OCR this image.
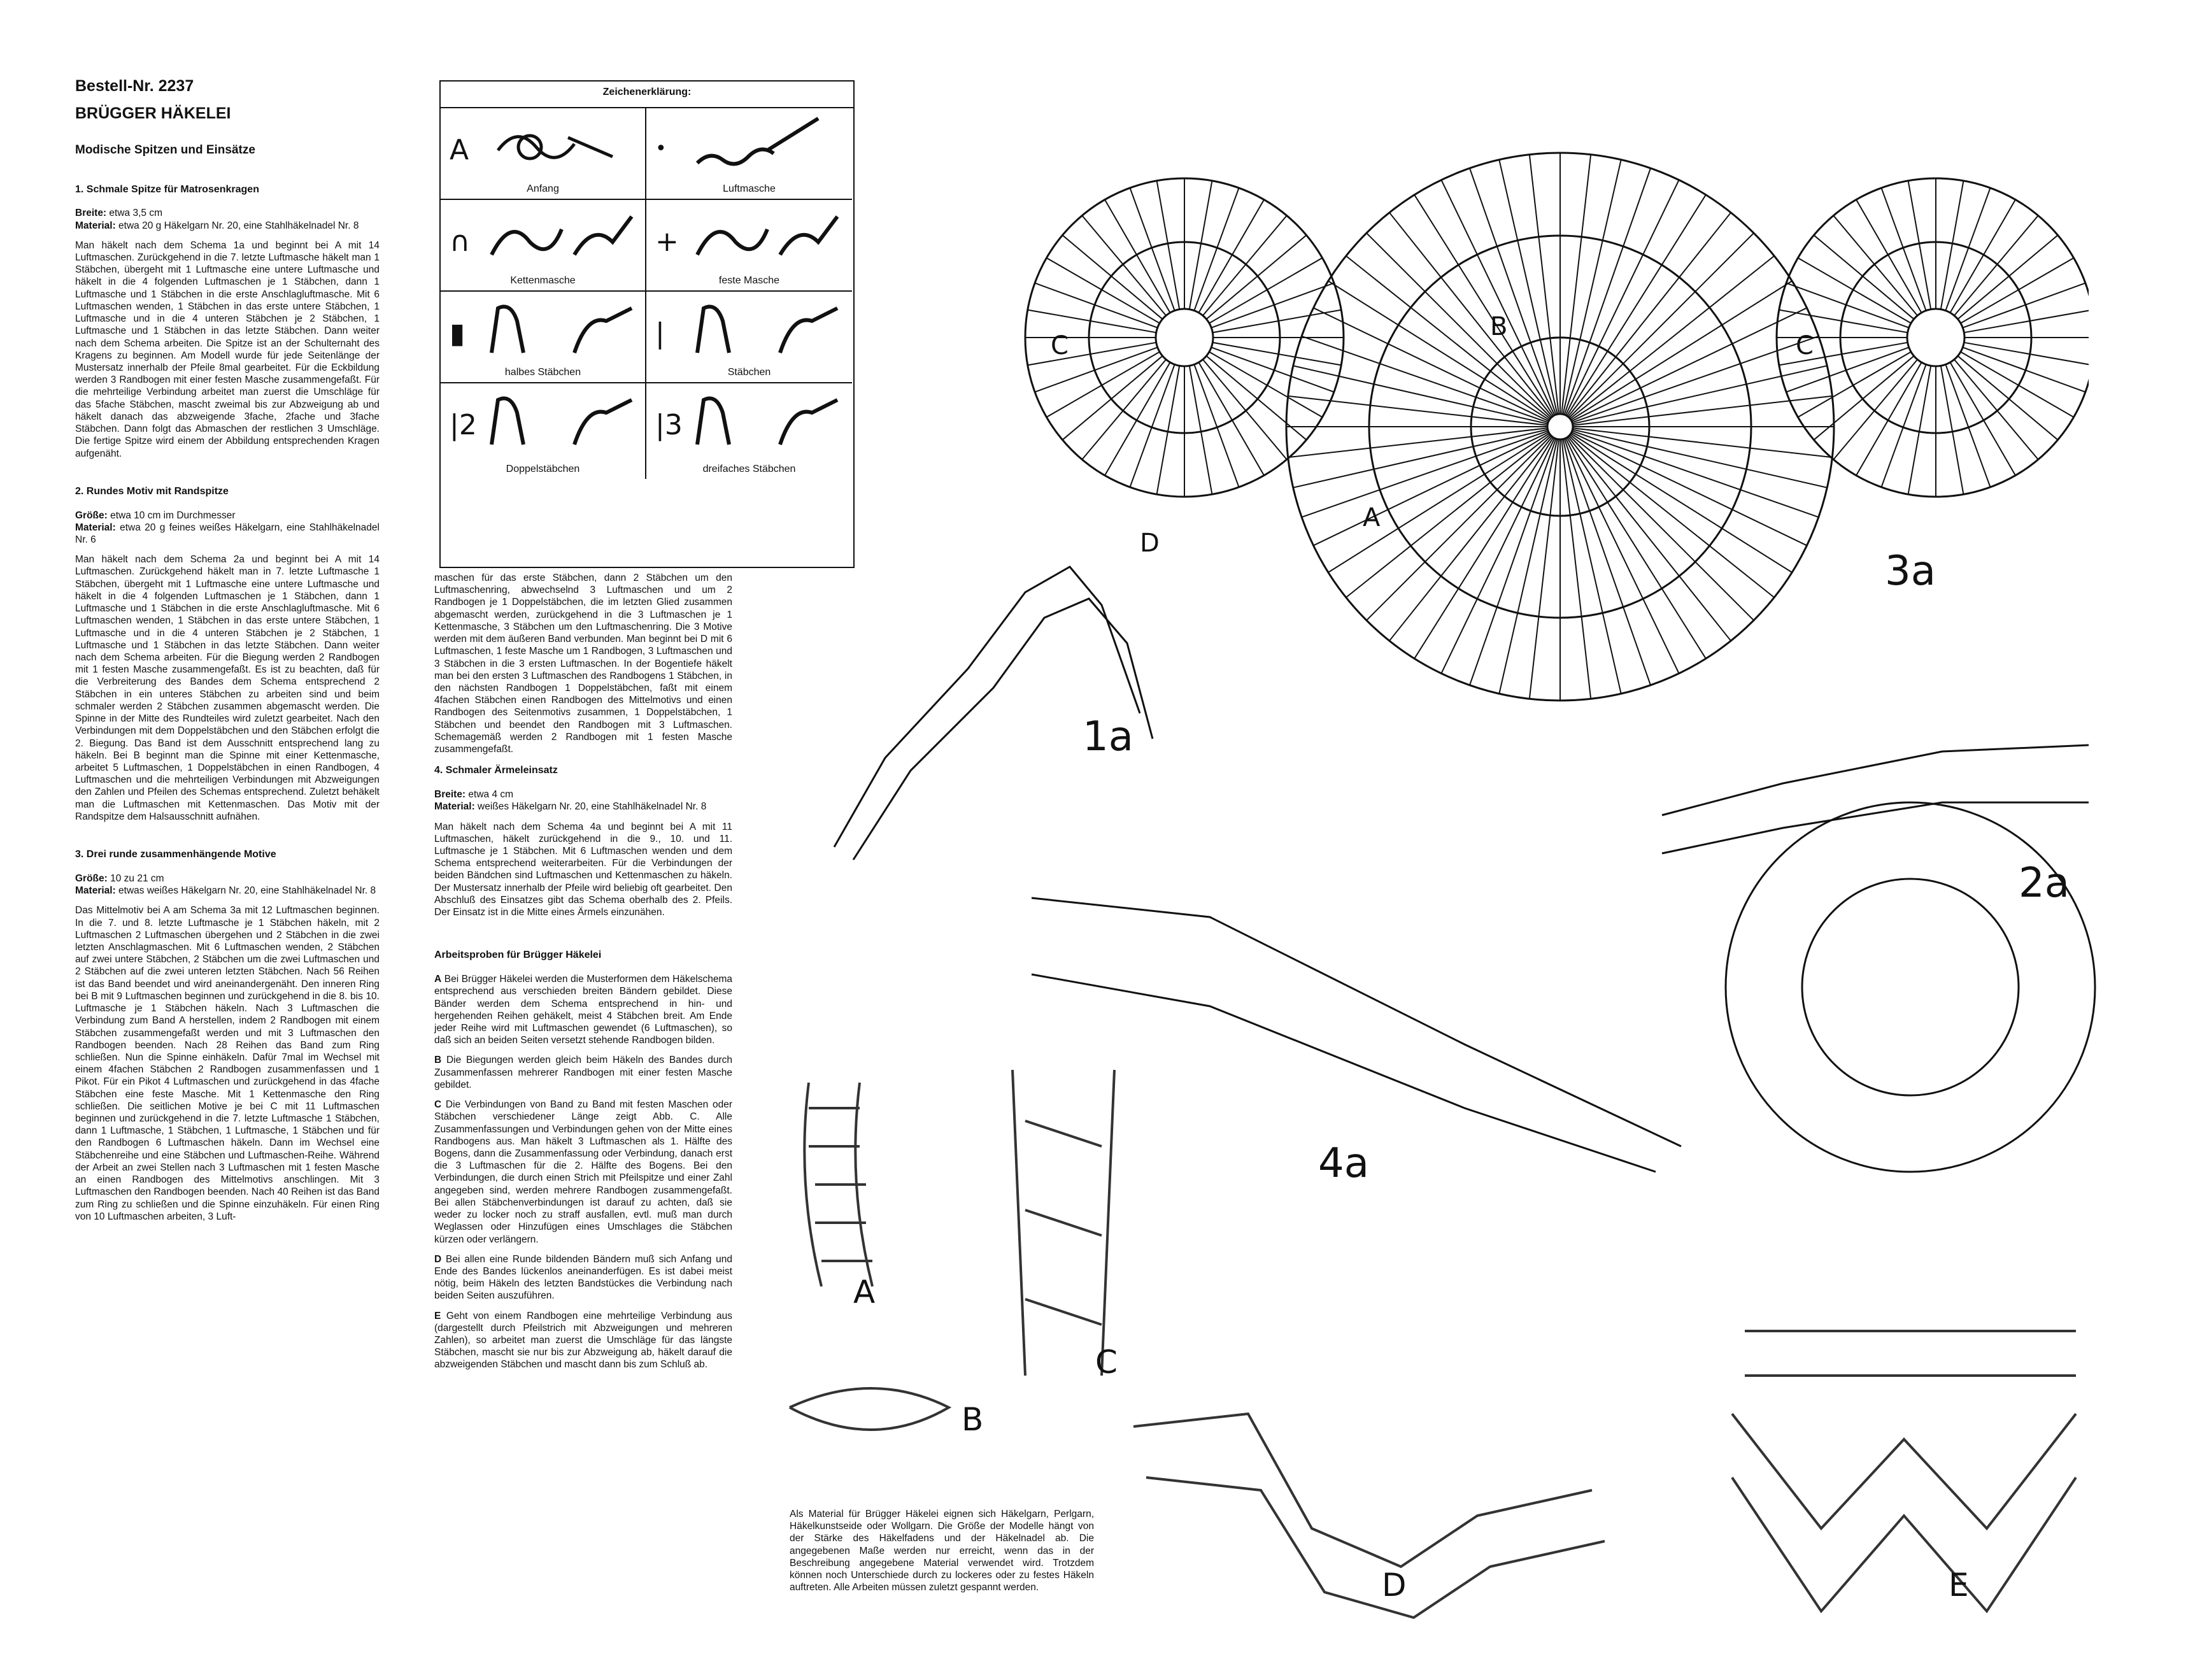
Bestell-Nr. 2237
BRÜGGER HÄKELEI
Modische Spitzen und Einsätze
1. Schmale Spitze für Matrosenkragen

Breite: etwa 3,5 cm
Material: etwa 20 g Häkelgarn Nr. 20, eine Stahlhäkelnadel Nr. 8

Man häkelt nach dem Schema 1a und beginnt bei A mit 14 Luftmaschen. Zurückgehend in die 7. letzte Luftmasche häkelt man 1 Stäbchen, übergeht mit 1 Luftmasche eine untere Luftmasche und häkelt in die 4 folgenden Luftmaschen je 1 Stäbchen, dann 1 Luftmasche und 1 Stäbchen in die erste Anschlagluftmasche. Mit 6 Luftmaschen wenden, 1 Stäbchen in das erste untere Stäbchen, 1 Luftmasche und in die 4 unteren Stäbchen je 2 Stäbchen, 1 Luftmasche und 1 Stäbchen in das letzte Stäbchen. Dann weiter nach dem Schema arbeiten. Die Spitze ist an der Schulternaht des Kragens zu beginnen. Am Modell wurde für jede Seitenlänge der Mustersatz innerhalb der Pfeile 8mal gearbeitet. Für die Eckbildung werden 3 Randbogen mit einer festen Masche zusammengefaßt. Für die mehrteilige Verbindung arbeitet man zuerst die Umschläge für das 5fache Stäbchen, mascht zweimal bis zur Abzweigung ab und häkelt danach das abzweigende 3fache, 2fache und 3fache Stäbchen. Dann folgt das Abmaschen der restlichen 3 Umschläge. Die fertige Spitze wird einem der Abbildung entsprechenden Kragen aufgenäht.

2. Rundes Motiv mit Randspitze

Größe: etwa 10 cm im Durchmesser
Material: etwa 20 g feines weißes Häkelgarn, eine Stahlhäkelnadel Nr. 6

Man häkelt nach dem Schema 2a und beginnt bei A mit 14 Luftmaschen. Zurückgehend häkelt man in 7. letzte Luftmasche 1 Stäbchen, übergeht mit 1 Luftmasche eine untere Luftmasche und häkelt in die 4 folgenden Luftmaschen je 1 Stäbchen, dann 1 Luftmasche und 1 Stäbchen in die erste Anschlagluftmasche. Mit 6 Luftmaschen wenden, 1 Stäbchen in das erste untere Stäbchen, 1 Luftmasche und in die 4 unteren Stäbchen je 2 Stäbchen, 1 Luftmasche und 1 Stäbchen in das letzte Stäbchen. Dann weiter nach dem Schema arbeiten. Für die Biegung werden 2 Randbogen mit 1 festen Masche zusammengefaßt. Es ist zu beachten, daß für die Verbreiterung des Bandes dem Schema entsprechend 2 Stäbchen in ein unteres Stäbchen zu arbeiten sind und beim schmaler werden 2 Stäbchen zusammen abgemascht werden. Die Spinne in der Mitte des Rundteiles wird zuletzt gearbeitet. Nach den Verbindungen mit dem Doppelstäbchen und den Stäbchen erfolgt die 2. Biegung. Das Band ist dem Ausschnitt entsprechend lang zu häkeln. Bei B beginnt man die Spinne mit einer Kettenmasche, arbeitet 5 Luftmaschen, 1 Doppelstäbchen in einen Randbogen, 4 Luftmaschen und die mehrteiligen Verbindungen mit Abzweigungen den Zahlen und Pfeilen des Schemas entsprechend. Zuletzt behäkelt man die Luftmaschen mit Kettenmaschen. Das Motiv mit der Randspitze dem Halsausschnitt aufnähen.

3. Drei runde zusammenhängende Motive

Größe: 10 zu 21 cm
Material: etwas weißes Häkelgarn Nr. 20, eine Stahlhäkelnadel Nr. 8

Das Mittelmotiv bei A am Schema 3a mit 12 Luftmaschen beginnen. In die 7. und 8. letzte Luftmasche je 1 Stäbchen häkeln, mit 2 Luftmaschen 2 Luftmaschen übergehen und 2 Stäbchen in die zwei letzten Anschlagmaschen. Mit 6 Luftmaschen wenden, 2 Stäbchen auf zwei untere Stäbchen, 2 Stäbchen um die zwei Luftmaschen und 2 Stäbchen auf die zwei unteren letzten Stäbchen. Nach 56 Reihen ist das Band beendet und wird aneinandergenäht. Den inneren Ring bei B mit 9 Luftmaschen beginnen und zurückgehend in die 8. bis 10. Luftmasche je 1 Stäbchen häkeln. Nach 3 Luftmaschen die Verbindung zum Band A herstellen, indem 2 Randbogen mit einem Stäbchen zusammengefaßt werden und mit 3 Luftmaschen den Randbogen beenden. Nach 28 Reihen das Band zum Ring schließen. Nun die Spinne einhäkeln. Dafür 7mal im Wechsel mit einem 4fachen Stäbchen 2 Randbogen zusammenfassen und 1 Pikot. Für ein Pikot 4 Luftmaschen und zurückgehend in das 4fache Stäbchen eine feste Masche. Mit 1 Kettenmasche den Ring schließen. Die seitlichen Motive je bei C mit 11 Luftmaschen beginnen und zurückgehend in die 7. letzte Luftmasche 1 Stäbchen, dann 1 Luftmasche, 1 Stäbchen, 1 Luftmasche, 1 Stäbchen und für den Randbogen 6 Luftmaschen häkeln. Dann im Wechsel eine Stäbchenreihe und eine Stäbchen und Luftmaschen-Reihe. Während der Arbeit an zwei Stellen nach 3 Luftmaschen mit 1 festen Masche an einen Randbogen des Mittelmotivs anschlingen. Mit 3 Luftmaschen den Randbogen beenden. Nach 40 Reihen ist das Band zum Ring zu schließen und die Spinne einzuhäkeln. Für einen Ring von 10 Luftmaschen arbeiten, 3 Luft-

Zeichenerklärung:
A
Anfang
•
Luftmasche
∩
Kettenmasche
+
feste Masche
▮
halbes Stäbchen
|
Stäbchen
|2
Doppelstäbchen
|3
dreifaches Stäbchen

maschen für das erste Stäbchen, dann 2 Stäbchen um den Luftmaschenring, abwechselnd 3 Luftmaschen und um 2 Randbogen je 1 Doppelstäbchen, die im letzten Glied zusammen abgemascht werden, zurückgehend in die 3 Luftmaschen je 1 Kettenmasche, 3 Stäbchen um den Luftmaschenring. Die 3 Motive werden mit dem äußeren Band verbunden. Man beginnt bei D mit 6 Luftmaschen, 1 feste Masche um 1 Randbogen, 3 Luftmaschen und 3 Stäbchen in die 3 ersten Luftmaschen. In der Bogentiefe häkelt man bei den ersten 3 Luftmaschen des Randbogens 1 Stäbchen, in den nächsten Randbogen 1 Doppelstäbchen, faßt mit einem 4fachen Stäbchen einen Randbogen des Mittelmotivs und einen Randbogen des Seitenmotivs zusammen, 1 Doppelstäbchen, 1 Stäbchen und beendet den Randbogen mit 3 Luftmaschen. Schemagemäß werden 2 Randbogen mit 1 festen Masche zusammengefaßt.

4. Schmaler Ärmeleinsatz

Breite: etwa 4 cm
Material: weißes Häkelgarn Nr. 20, eine Stahlhäkelnadel Nr. 8

Man häkelt nach dem Schema 4a und beginnt bei A mit 11 Luftmaschen, häkelt zurückgehend in die 9., 10. und 11. Luftmasche je 1 Stäbchen. Mit 6 Luftmaschen wenden und dem Schema entsprechend weiterarbeiten. Für die Verbindungen der beiden Bändchen sind Luftmaschen und Kettenmaschen zu häkeln. Der Mustersatz innerhalb der Pfeile wird beliebig oft gearbeitet. Den Abschluß des Einsatzes gibt das Schema oberhalb des 2. Pfeils. Der Einsatz ist in die Mitte eines Ärmels einzunähen.

Arbeitsproben für Brügger Häkelei

A Bei Brügger Häkelei werden die Musterformen dem Häkelschema entsprechend aus verschieden breiten Bändern gebildet. Diese Bänder werden dem Schema entsprechend in hin- und hergehenden Reihen gehäkelt, meist 4 Stäbchen breit. Am Ende jeder Reihe wird mit Luftmaschen gewendet (6 Luftmaschen), so daß sich an beiden Seiten versetzt stehende Randbogen bilden.

B Die Biegungen werden gleich beim Häkeln des Bandes durch Zusammenfassen mehrerer Randbogen mit einer festen Masche gebildet.

C Die Verbindungen von Band zu Band mit festen Maschen oder Stäbchen verschiedener Länge zeigt Abb. C. Alle Zusammenfassungen und Verbindungen gehen von der Mitte eines Randbogens aus. Man häkelt 3 Luftmaschen als 1. Hälfte des Bogens, dann die Zusammenfassung oder Verbindung, danach erst die 3 Luftmaschen für die 2. Hälfte des Bogens. Bei den Verbindungen, die durch einen Strich mit Pfeilspitze und einer Zahl angegeben sind, werden mehrere Randbogen zusammengefaßt. Bei allen Stäbchenverbindungen ist darauf zu achten, daß sie weder zu locker noch zu straff ausfallen, evtl. muß man durch Weglassen oder Hinzufügen eines Umschlages die Stäbchen kürzen oder verlängern.

D Bei allen eine Runde bildenden Bändern muß sich Anfang und Ende des Bandes lückenlos aneinanderfügen. Es ist dabei meist nötig, beim Häkeln des letzten Bandstückes die Verbindung nach beiden Seiten auszuführen.

E Geht von einem Randbogen eine mehrteilige Verbindung aus (dargestellt durch Pfeilstrich mit Abzweigungen und mehreren Zahlen), so arbeitet man zuerst die Umschläge für das längste Stäbchen, mascht sie nur bis zur Abzweigung ab, häkelt darauf die abzweigenden Stäbchen und mascht dann bis zum Schluß ab.

Als Material für Brügger Häkelei eignen sich Häkelgarn, Perlgarn, Häkelkunstseide oder Wollgarn. Die Größe der Modelle hängt von der Stärke des Häkelfadens und der Häkelnadel ab. Die angegebenen Maße werden nur erreicht, wenn das in der Beschreibung angegebene Material verwendet wird. Trotzdem können noch Unterschiede durch zu lockeres oder zu festes Häkeln auftreten. Alle Arbeiten müssen zuletzt gespannt werden.
3a
C	C
B
A
D
1a
2a
4a
A
B
C
D	E
